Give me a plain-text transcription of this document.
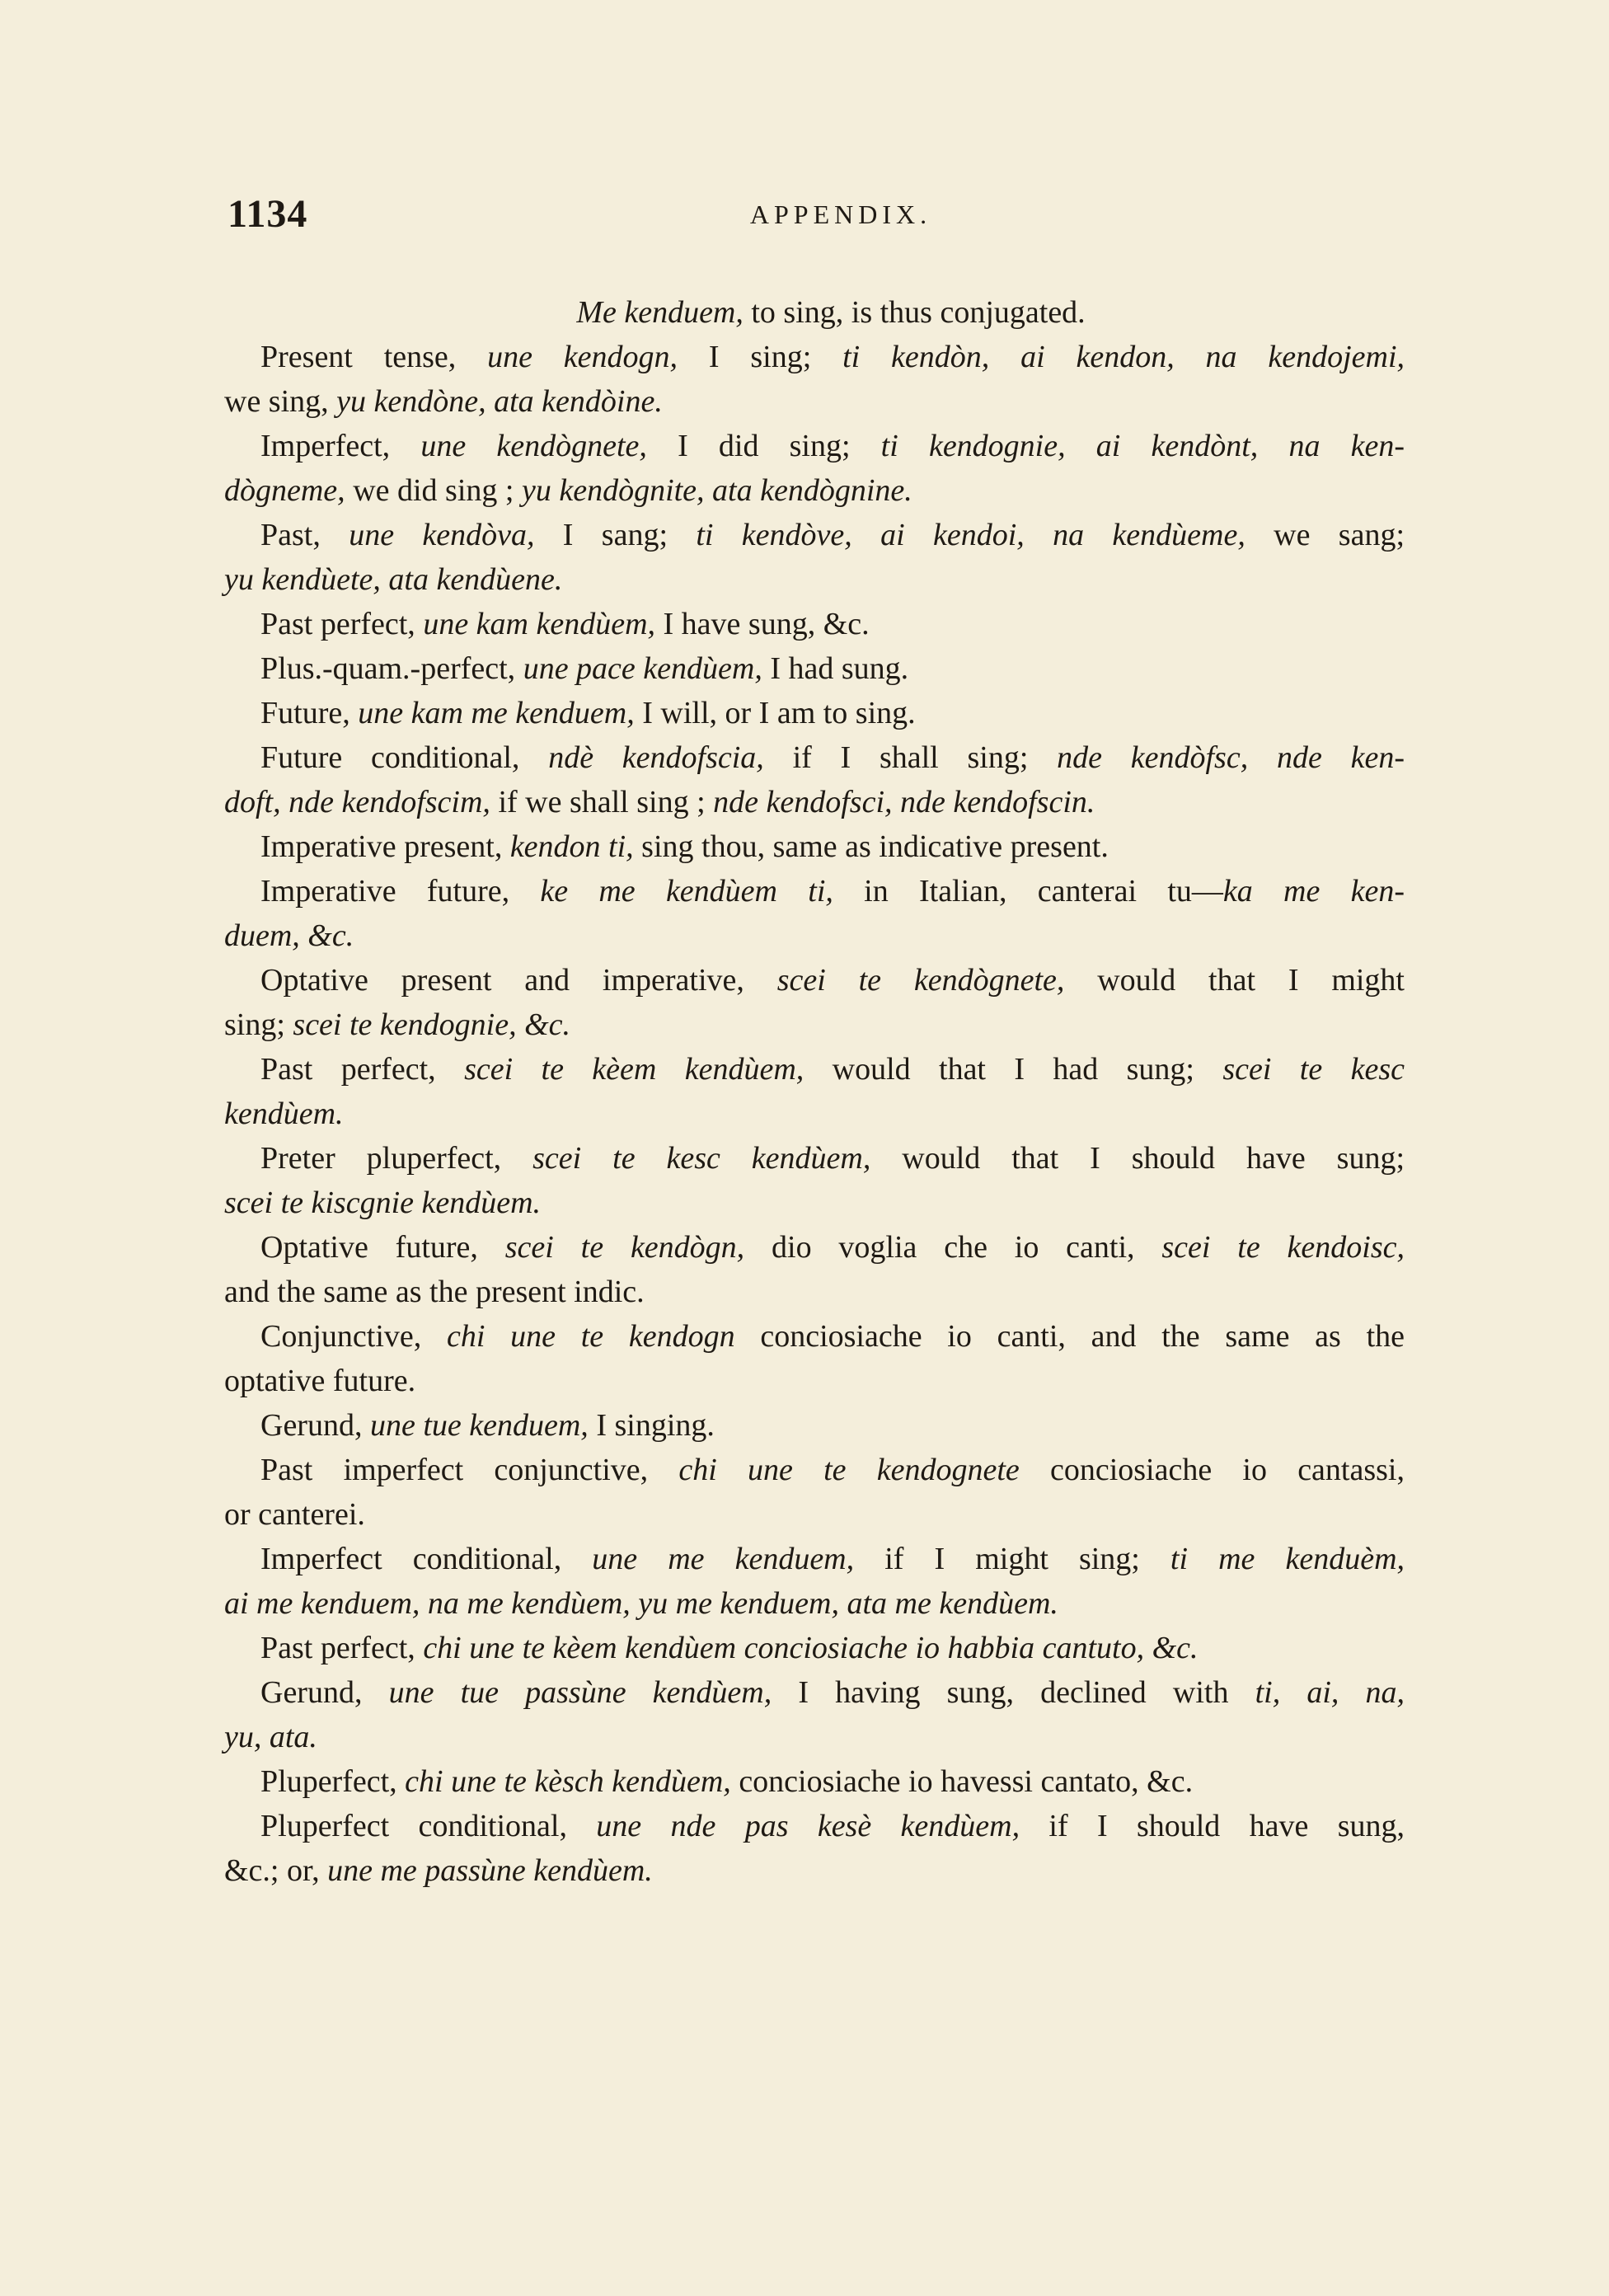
1134	APPENDIX.
Me kenduem, to sing, is thus conjugated.
Present tense, une kendogn, I sing; ti kendòn, ai kendon, na kendojemi,
we sing, yu kendòne, ata kendòine.
Imperfect, une kendògnete, I did sing; ti kendognie, ai kendònt, na ken-
dògneme, we did sing ; yu kendògnite, ata kendògnine.
Past, une kendòva, I sang; ti kendòve, ai kendoi, na kendùeme, we sang;
yu kendùete, ata kendùene.
Past perfect, une kam kendùem, I have sung, &c.
Plus.-quam.-perfect, une pace kendùem, I had sung.
Future, une kam me kenduem, I will, or I am to sing.
Future conditional, ndè kendofscia, if I shall sing; nde kendòfsc, nde ken-
doft, nde kendofscim, if we shall sing ; nde kendofsci, nde kendofscin.
Imperative present, kendon ti, sing thou, same as indicative present.
Imperative future, ke me kendùem ti, in Italian, canterai tu—ka me ken-
duem, &c.
Optative present and imperative, scei te kendògnete, would that I might
sing; scei te kendognie, &c.
Past perfect, scei te kèem kendùem, would that I had sung; scei te kesc
kendùem.
Preter pluperfect, scei te kesc kendùem, would that I should have sung;
scei te kiscgnie kendùem.
Optative future, scei te kendògn, dio voglia che io canti, scei te kendoisc,
and the same as the present indic.
Conjunctive, chi une te kendogn conciosiache io canti, and the same as the
optative future.
Gerund, une tue kenduem, I singing.
Past imperfect conjunctive, chi une te kendognete conciosiache io cantassi,
or canterei.
Imperfect conditional, une me kenduem, if I might sing; ti me kenduèm,
ai me kenduem, na me kendùem, yu me kenduem, ata me kendùem.
Past perfect, chi une te kèem kendùem conciosiache io habbia cantuto, &c.
Gerund, une tue passùne kendùem, I having sung, declined with ti, ai, na,
yu, ata.
Pluperfect, chi une te kèsch kendùem, conciosiache io havessi cantato, &c.
Pluperfect conditional, une nde pas kesè kendùem, if I should have sung,
&c.; or, une me passùne kendùem.
